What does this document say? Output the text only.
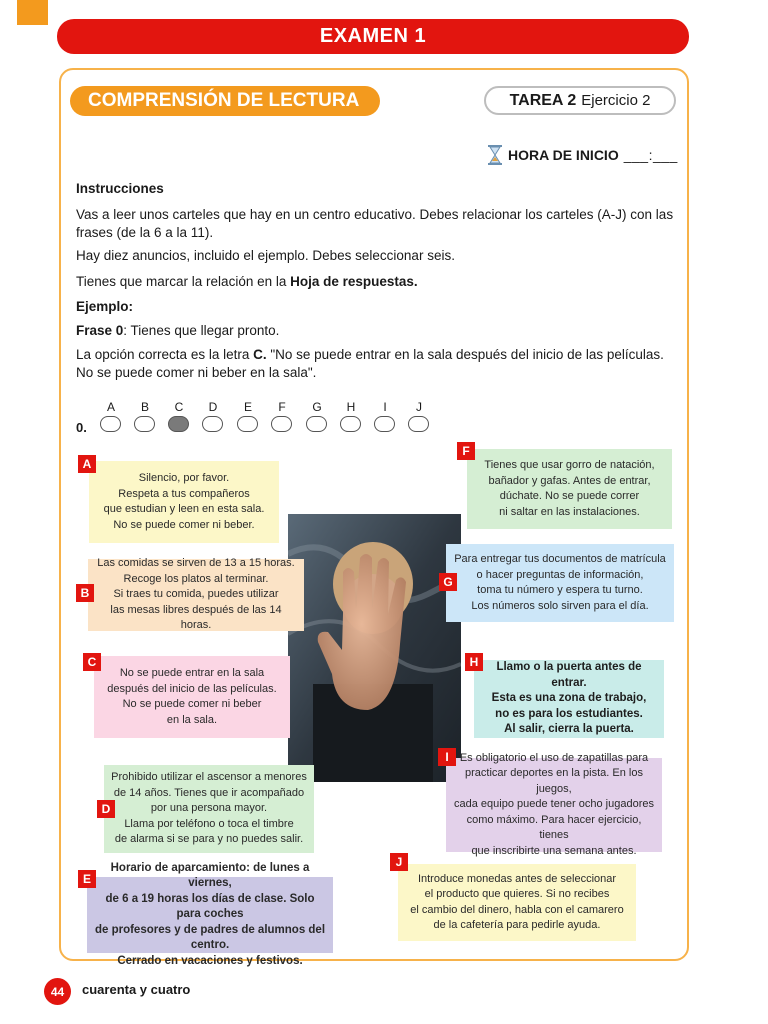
EXAMEN 1
COMPRENSIÓN DE LECTURA	TAREA 2 Ejercicio 2
HORA DE INICIO ___:___
Instrucciones
Vas a leer unos carteles que hay en un centro educativo. Debes relacionar los carteles (A-J) con las frases (de la 6 a la 11).
Hay diez anuncios, incluido el ejemplo. Debes seleccionar seis.
Tienes que marcar la relación en la Hoja de respuestas.
Ejemplo:
Frase 0: Tienes que llegar pronto.
La opción correcta es la letra C. "No se puede entrar en la sala después del inicio de las películas. No se puede comer ni beber en la sala".
0.
A	B	C	D	E	F	G	H	I	J
Silencio, por favor.
Respeta a tus compañeros
que estudian y leen en esta sala.
No se puede comer ni beber.
A
Las comidas se sirven de 13 a 15 horas.
Recoge los platos al terminar.
Si traes tu comida, puedes utilizar
las mesas libres después de las 14 horas.
B
No se puede entrar en la sala
después del inicio de las películas.
No se puede comer ni beber
en la sala.
C
Prohibido utilizar el ascensor a menores
de 14 años. Tienes que ir acompañado
por una persona mayor.
Llama por teléfono o toca el timbre
de alarma si se para y no puedes salir.
D
Horario de aparcamiento: de lunes a viernes,
de 6 a 19 horas los días de clase. Solo para coches
de profesores y de padres de alumnos del centro.
Cerrado en vacaciones y festivos.
E
Tienes que usar gorro de natación,
bañador y gafas. Antes de entrar,
dúchate. No se puede correr
ni saltar en las instalaciones.
F
Para entregar tus documentos de matrícula
o hacer preguntas de información,
toma tu número y espera tu turno.
Los números solo sirven para el día.
G
Llamo o la puerta antes de entrar.
Esta es una zona de trabajo,
no es para los estudiantes.
Al salir, cierra la puerta.
H
Es obligatorio el uso de zapatillas para
practicar deportes en la pista. En los juegos,
cada equipo puede tener ocho jugadores
como máximo. Para hacer ejercicio, tienes
que inscribirte una semana antes.
I
Introduce monedas antes de seleccionar
el producto que quieres. Si no recibes
el cambio del dinero, habla con el camarero
de la cafetería para pedirle ayuda.
J
44 cuarenta y cuatro
